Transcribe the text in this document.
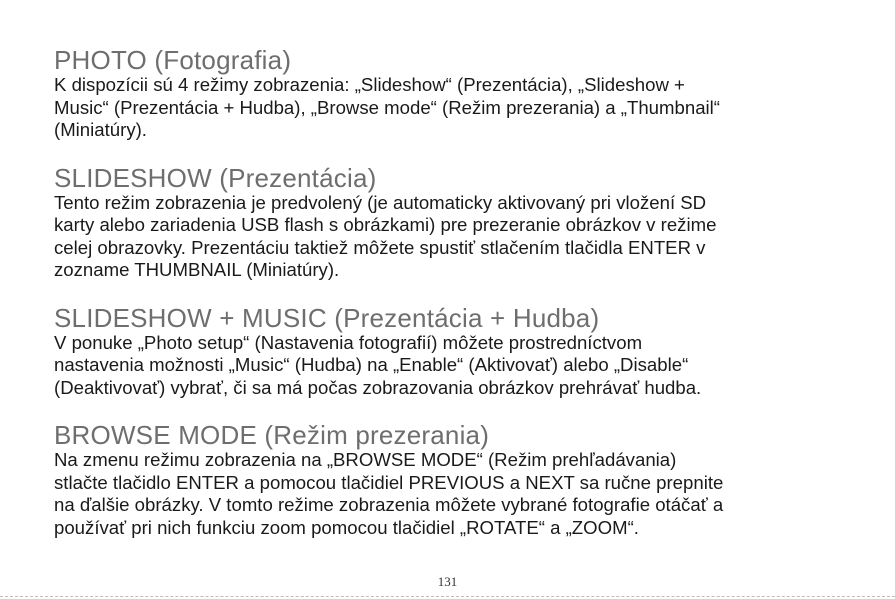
PHOTO (Fotografia)

K dispozícii sú 4 režimy zobrazenia: „Slideshow“ (Prezentácia), „Slideshow +
Music“ (Prezentácia + Hudba), „Browse mode“ (Režim prezerania) a „Thumbnail“
(Miniatúry).

SLIDESHOW (Prezentácia)

Tento režim zobrazenia je predvolený (je automaticky aktivovaný pri vložení SD
karty alebo zariadenia USB flash s obrázkami) pre prezeranie obrázkov v režime
celej obrazovky. Prezentáciu taktiež môžete spustiť stlačením tlačidla ENTER v
zozname THUMBNAIL (Miniatúry).

SLIDESHOW + MUSIC (Prezentácia + Hudba)

V ponuke „Photo setup“ (Nastavenia fotografií) môžete prostredníctvom
nastavenia možnosti „Music“ (Hudba) na „Enable“ (Aktivovať) alebo „Disable“
(Deaktivovať) vybrať, či sa má počas zobrazovania obrázkov prehrávať hudba.

BROWSE MODE (Režim prezerania)

Na zmenu režimu zobrazenia na „BROWSE MODE“ (Režim prehľadávania)
stlačte tlačidlo ENTER a pomocou tlačidiel PREVIOUS a NEXT sa ručne prepnite
na ďalšie obrázky. V tomto režime zobrazenia môžete vybrané fotografie otáčať a
používať pri nich funkciu zoom pomocou tlačidiel „ROTATE“ a „ZOOM“.

131
